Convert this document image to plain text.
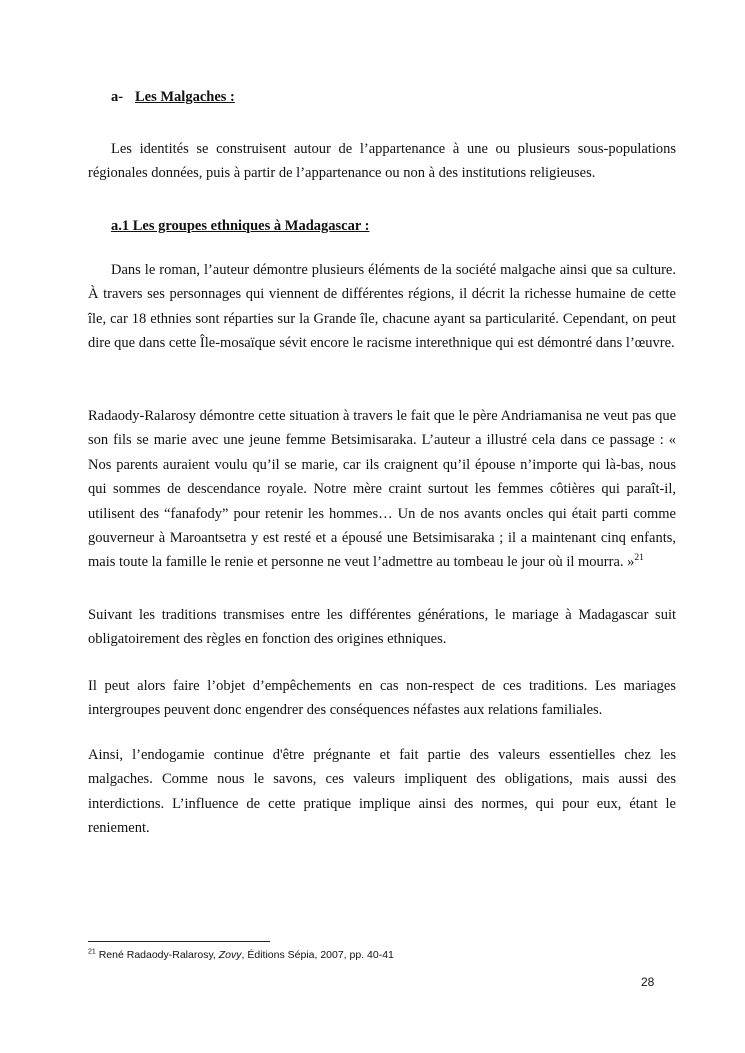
a- Les Malgaches :

Les identités se construisent autour de l’appartenance à une ou plusieurs sous-populations régionales données, puis à partir de l’appartenance ou non à des institutions religieuses.

a.1 Les groupes ethniques à Madagascar :

Dans le roman, l’auteur démontre plusieurs éléments de la société malgache ainsi que sa culture. À travers ses personnages qui viennent de différentes régions, il décrit la richesse humaine de cette île, car 18 ethnies sont réparties sur la Grande île, chacune ayant sa particularité. Cependant, on peut dire que dans cette Île-mosaïque sévit encore le racisme interethnique qui est démontré dans l’œuvre.

Radaody-Ralarosy démontre cette situation à travers le fait que le père Andriamanisa ne veut pas que son fils se marie avec une jeune femme Betsimisaraka. L’auteur a illustré cela dans ce passage : « Nos parents auraient voulu qu’il se marie, car ils craignent qu’il épouse n’importe qui là-bas, nous qui sommes de descendance royale. Notre mère craint surtout les femmes côtières qui paraît-il, utilisent des “fanafody” pour retenir les hommes… Un de nos avants oncles qui était parti comme gouverneur à Maroantsetra y est resté et a épousé une Betsimisaraka ; il a maintenant cinq enfants, mais toute la famille le renie et personne ne veut l’admettre au tombeau le jour où il mourra. »$^{21}$

Suivant les traditions transmises entre les différentes générations, le mariage à Madagascar suit obligatoirement des règles en fonction des origines ethniques.

Il peut alors faire l’objet d’empêchements en cas non-respect de ces traditions. Les mariages intergroupes peuvent donc engendrer des conséquences néfastes aux relations familiales.

Ainsi, l’endogamie continue d'être prégnante et fait partie des valeurs essentielles chez les malgaches. Comme nous le savons, ces valeurs impliquent des obligations, mais aussi des interdictions. L’influence de cette pratique implique ainsi des normes, qui pour eux, étant le reniement.

$^{21}$ René Radaody-Ralarosy, Zovy, Éditions Sépia, 2007, pp. 40-41
28
